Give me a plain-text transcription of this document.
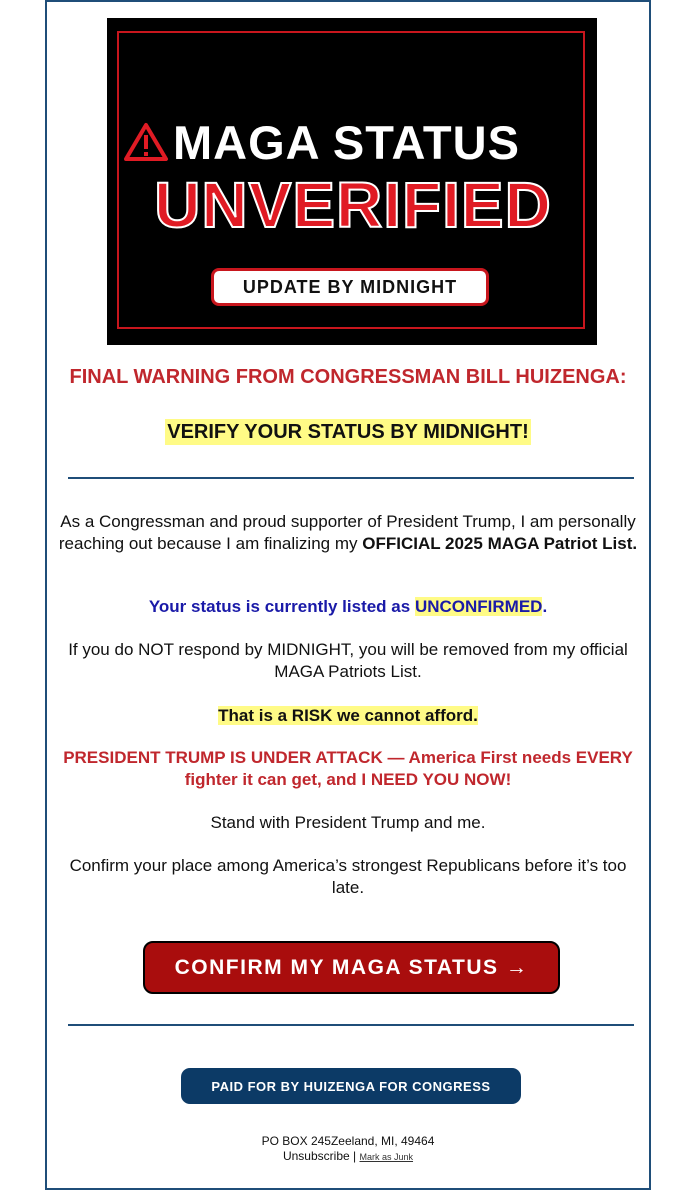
MAGA STATUS
UNVERIFIED
UPDATE BY MIDNIGHT
FINAL WARNING FROM CONGRESSMAN BILL HUIZENGA:
VERIFY YOUR STATUS BY MIDNIGHT!
As a Congressman and proud supporter of President Trump, I am personally reaching out because I am finalizing my OFFICIAL 2025 MAGA Patriot List.
Your status is currently listed as UNCONFIRMED.
If you do NOT respond by MIDNIGHT, you will be removed from my official MAGA Patriots List.
That is a RISK we cannot afford.
PRESIDENT TRUMP IS UNDER ATTACK — America First needs EVERY fighter it can get, and I NEED YOU NOW!
Stand with President Trump and me.
Confirm your place among America’s strongest Republicans before it’s too late.
CONFIRM MY MAGA STATUS →
PAID FOR BY HUIZENGA FOR CONGRESS
PO BOX 245Zeeland, MI, 49464
Unsubscribe | Mark as Junk
